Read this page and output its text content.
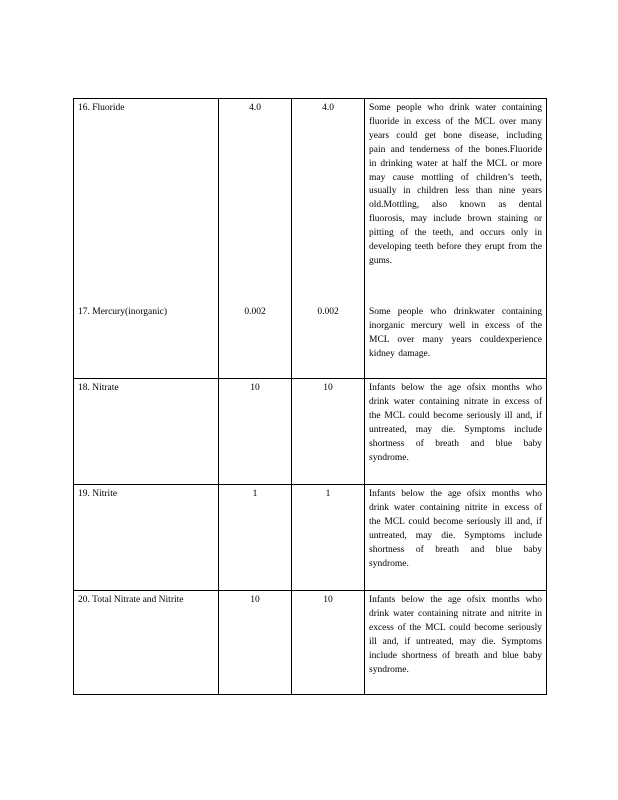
16. Fluoride	4.0	4.0	Some people who drink water containing fluoride in excess of the MCL over many years could get bone disease, including pain and tenderness of the bones.Fluoride in drinking water at half the MCL or more may cause mottling of children’s teeth, usually in children less than nine years old.Mottling, also known as dental fluorosis, may include brown staining or pitting of the teeth, and occurs only in developing teeth before they erupt from the gums.
17. Mercury(inorganic)	0.002	0.002	Some people who drinkwater containing inorganic mercury well in excess of the MCL over many years couldexperience kidney damage.
18. Nitrate	10	10	Infants below the age ofsix months who drink water containing nitrate in excess of the MCL could become seriously ill and, if untreated, may die. Symptoms include shortness of breath and blue baby syndrome.
19. Nitrite	1	1	Infants below the age ofsix months who drink water containing nitrite in excess of the MCL could become seriously ill and, if untreated, may die. Symptoms include shortness of breath and blue baby syndrome.
20. Total Nitrate and Nitrite	10	10	Infants below the age ofsix months who drink water containing nitrate and nitrite in excess of the MCL could become seriously ill and, if untreated, may die. Symptoms include shortness of breath and blue baby syndrome.
